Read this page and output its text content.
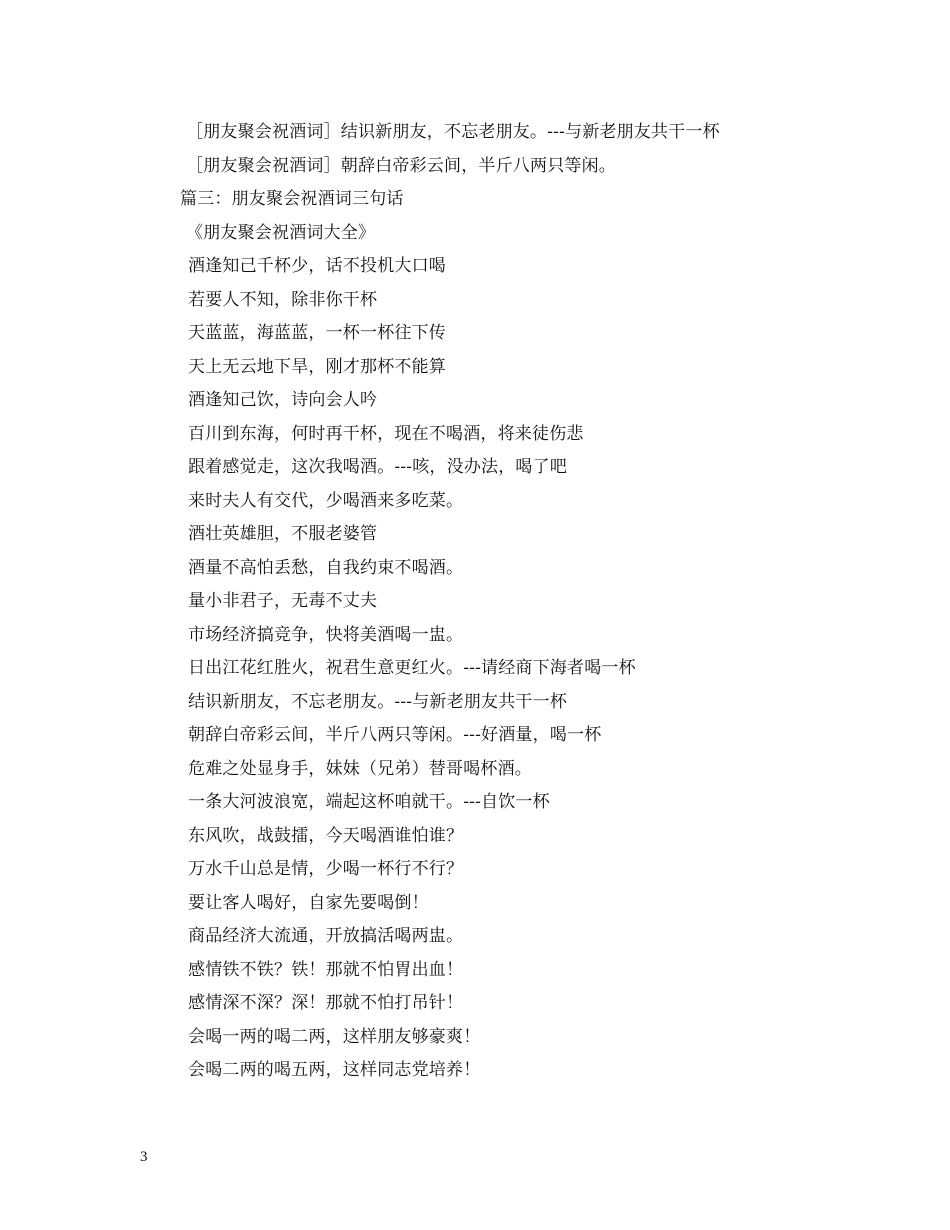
［朋友聚会祝酒词］结识新朋友，不忘老朋友。---与新老朋友共干一杯
［朋友聚会祝酒词］朝辞白帝彩云间，半斤八两只等闲。
篇三：朋友聚会祝酒词三句话
《朋友聚会祝酒词大全》
酒逢知己千杯少，话不投机大口喝
若要人不知，除非你干杯
天蓝蓝，海蓝蓝，一杯一杯往下传
天上无云地下旱，刚才那杯不能算
酒逢知己饮，诗向会人吟
百川到东海，何时再干杯，现在不喝酒，将来徒伤悲
跟着感觉走，这次我喝酒。---咳，没办法，喝了吧
来时夫人有交代，少喝酒来多吃菜。
酒壮英雄胆，不服老婆管
酒量不高怕丢愁，自我约束不喝酒。
量小非君子，无毒不丈夫
市场经济搞竞争，快将美酒喝一盅。
日出江花红胜火，祝君生意更红火。---请经商下海者喝一杯
结识新朋友，不忘老朋友。---与新老朋友共干一杯
朝辞白帝彩云间，半斤八两只等闲。---好酒量，喝一杯
危难之处显身手，妹妹（兄弟）替哥喝杯酒。
一条大河波浪宽，端起这杯咱就干。---自饮一杯
东风吹，战鼓擂，今天喝酒谁怕谁？
万水千山总是情，少喝一杯行不行？
要让客人喝好，自家先要喝倒！
商品经济大流通，开放搞活喝两盅。
感情铁不铁？铁！那就不怕胃出血！
感情深不深？深！那就不怕打吊针！
会喝一两的喝二两，这样朋友够豪爽！
会喝二两的喝五两，这样同志党培养！
3
